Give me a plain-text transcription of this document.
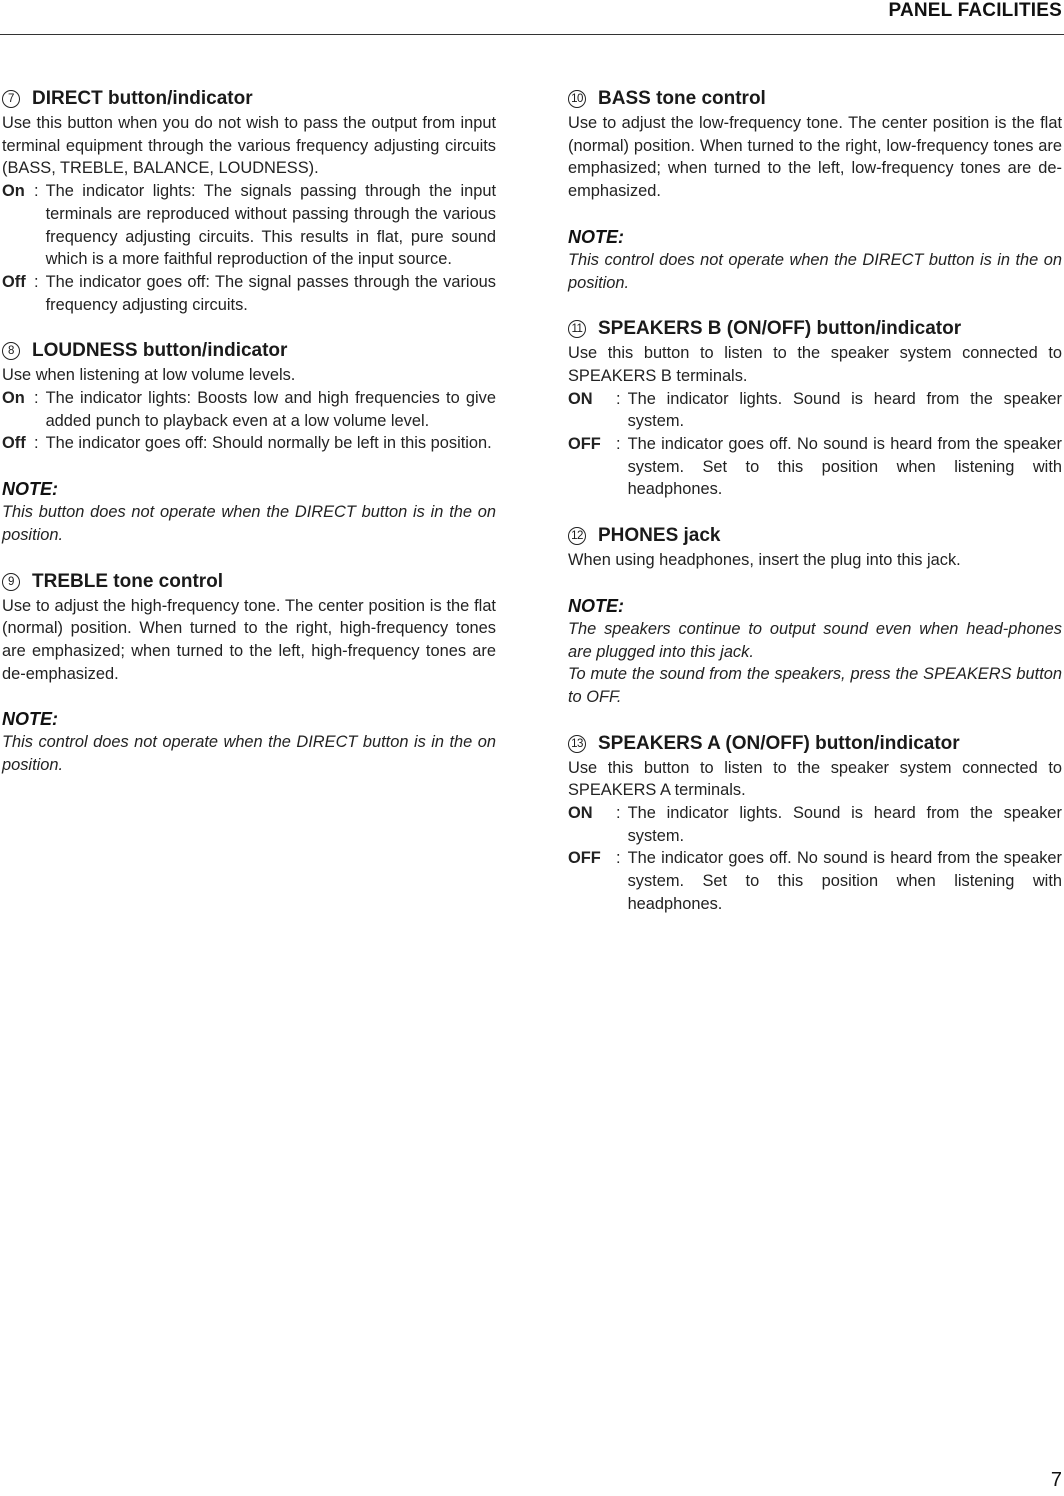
PANEL FACILITIES
7 DIRECT button/indicator

Use this button when you do not wish to pass the output from input terminal equipment through the various frequency adjusting circuits (BASS, TREBLE, BALANCE, LOUDNESS).

On : The indicator lights: The signals passing through the input terminals are reproduced without passing through the various frequency adjusting circuits. This results in flat, pure sound which is a more faithful reproduction of the input source.
Off : The indicator goes off: The signal passes through the various frequency adjusting circuits.
8 LOUDNESS button/indicator

Use when listening at low volume levels.

On : The indicator lights: Boosts low and high frequencies to give added punch to playback even at a low volume level.
Off : The indicator goes off: Should normally be left in this position.
NOTE:

This button does not operate when the DIRECT button is in the on position.

9 TREBLE tone control

Use to adjust the high-frequency tone. The center position is the flat (normal) position. When turned to the right, high-frequency tones are emphasized; when turned to the left, high-frequency tones are de-emphasized.

NOTE:

This control does not operate when the DIRECT button is in the on position.

10 BASS tone control

Use to adjust the low-frequency tone. The center position is the flat (normal) position. When turned to the right, low-frequency tones are emphasized; when turned to the left, low-frequency tones are de-emphasized.

NOTE:

This control does not operate when the DIRECT button is in the on position.

11 SPEAKERS B (ON/OFF) button/indicator

Use this button to listen to the speaker system connected to SPEAKERS B terminals.

ON	: The indicator lights. Sound is heard from the speaker system.
OFF : The indicator goes off. No sound is heard from the speaker system. Set to this position when listening with headphones.
12 PHONES jack

When using headphones, insert the plug into this jack.

NOTE:

The speakers continue to output sound even when head-phones are plugged into this jack.

To mute the sound from the speakers, press the SPEAKERS button to OFF.

13 SPEAKERS A (ON/OFF) button/indicator

Use this button to listen to the speaker system connected to SPEAKERS A terminals.

ON	: The indicator lights. Sound is heard from the speaker system.
OFF : The indicator goes off. No sound is heard from the speaker system. Set to this position when listening with headphones.
7
